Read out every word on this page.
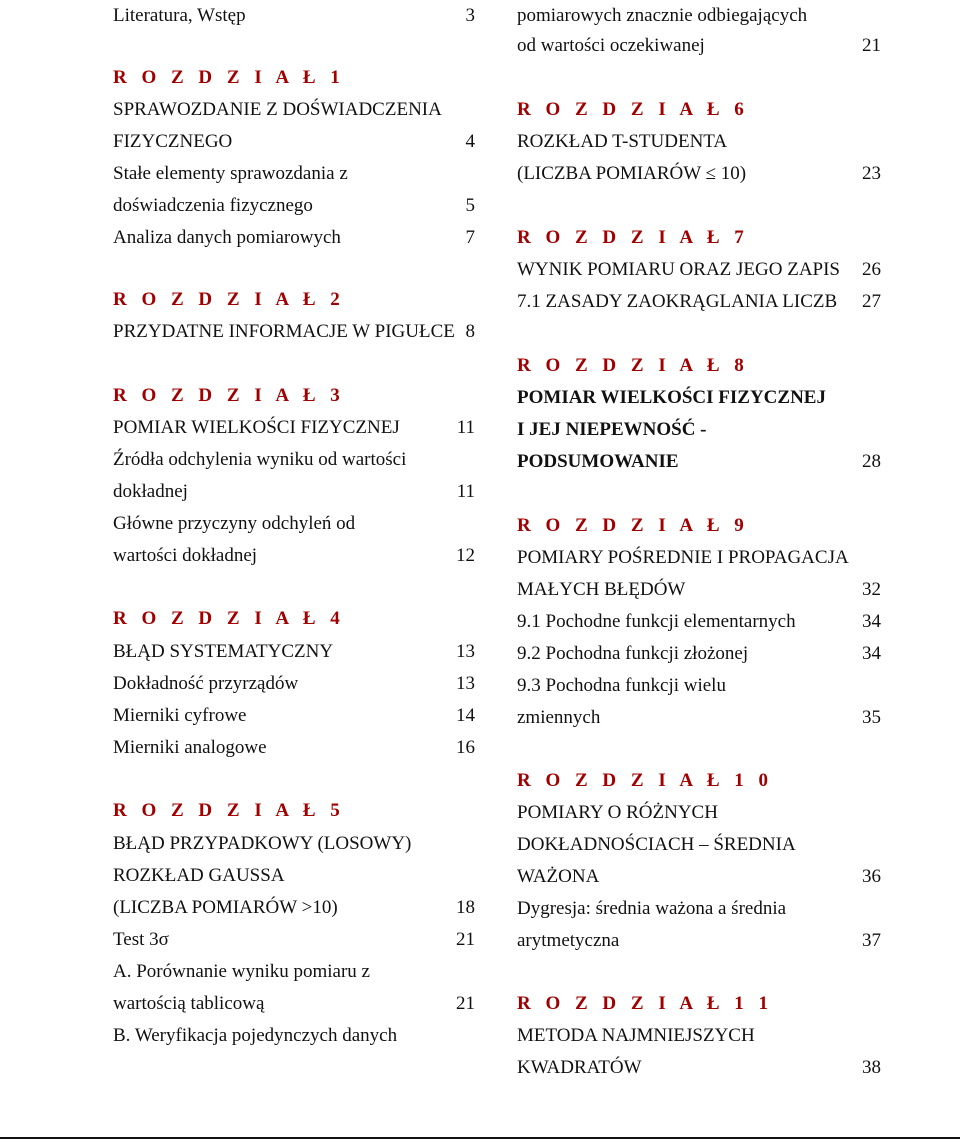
Literatura, Wstęp	3
R O Z D Z I A Ł 1
SPRAWOZDANIE Z DOŚWIADCZENIA
FIZYCZNEGO	4
Stałe elementy sprawozdania z
doświadczenia fizycznego	5
Analiza danych pomiarowych	7
R O Z D Z I A Ł 2
PRZYDATNE INFORMACJE W PIGUŁCE 8
R O Z D Z I A Ł 3
POMIAR WIELKOŚCI FIZYCZNEJ	11
Źródła odchylenia wyniku od wartości
dokładnej	11
Główne przyczyny odchyleń od
wartości dokładnej	12
R O Z D Z I A Ł 4
BŁĄD SYSTEMATYCZNY	13
Dokładność przyrządów	13
Mierniki cyfrowe	14
Mierniki analogowe	16
R O Z D Z I A Ł 5
BŁĄD PRZYPADKOWY (LOSOWY)
ROZKŁAD GAUSSA
(LICZBA POMIARÓW >10)	18
Test 3σ	21
A. Porównanie wyniku pomiaru z
wartością tablicową	21
B. Weryfikacja pojedynczych danych
pomiarowych znacznie odbiegających
od wartości oczekiwanej	21
R O Z D Z I A Ł 6
ROZKŁAD T-STUDENTA
(LICZBA POMIARÓW ≤ 10)	23
R O Z D Z I A Ł 7
WYNIK POMIARU ORAZ JEGO ZAPIS 26
7.1 ZASADY ZAOKRĄGLANIA LICZB 27
R O Z D Z I A Ł 8
POMIAR WIELKOŚCI FIZYCZNEJ
I JEJ NIEPEWNOŚĆ -
PODSUMOWANIE	28
R O Z D Z I A Ł 9
POMIARY POŚREDNIE I PROPAGACJA
MAŁYCH BŁĘDÓW	32
9.1 Pochodne funkcji elementarnych	34
9.2 Pochodna funkcji złożonej	34
9.3 Pochodna funkcji wielu
zmiennych	35
R O Z D Z I A Ł 1 0
POMIARY O RÓŻNYCH
DOKŁADNOŚCIACH – ŚREDNIA
WAŻONA	36
Dygresja: średnia ważona a średnia
arytmetyczna	37
R O Z D Z I A Ł 1 1
METODA NAJMNIEJSZYCH
KWADRATÓW	38
